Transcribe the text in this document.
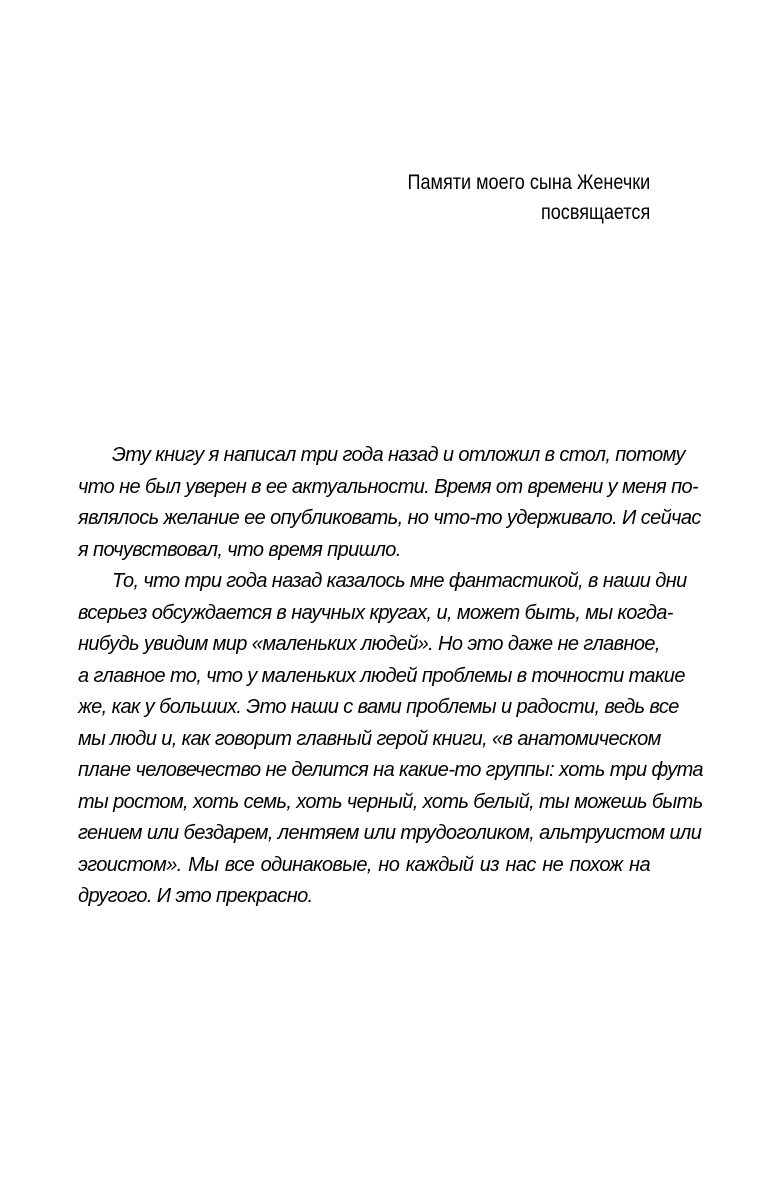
Памяти моего сына Женечки
посвящается
Эту книгу я написал три года назад и отложил в стол, потому
что не был уверен в ее актуальности. Время от времени у меня по-
являлось желание ее опубликовать, но что-то удерживало. И сейчас
я почувствовал, что время пришло.
То, что три года назад казалось мне фантастикой, в наши дни
всерьез обсуждается в научных кругах, и, может быть, мы когда-
нибудь увидим мир «маленьких людей». Но это даже не главное,
а главное то, что у маленьких людей проблемы в точности такие
же, как у больших. Это наши с вами проблемы и радости, ведь все
мы люди и, как говорит главный герой книги, «в анатомическом
плане человечество не делится на какие-то группы: хоть три фута
ты ростом, хоть семь, хоть черный, хоть белый, ты можешь быть
гением или бездарем, лентяем или трудоголиком, альтруистом или
эгоистом». Мы все одинаковые, но каждый из нас не похож на
другого. И это прекрасно.
